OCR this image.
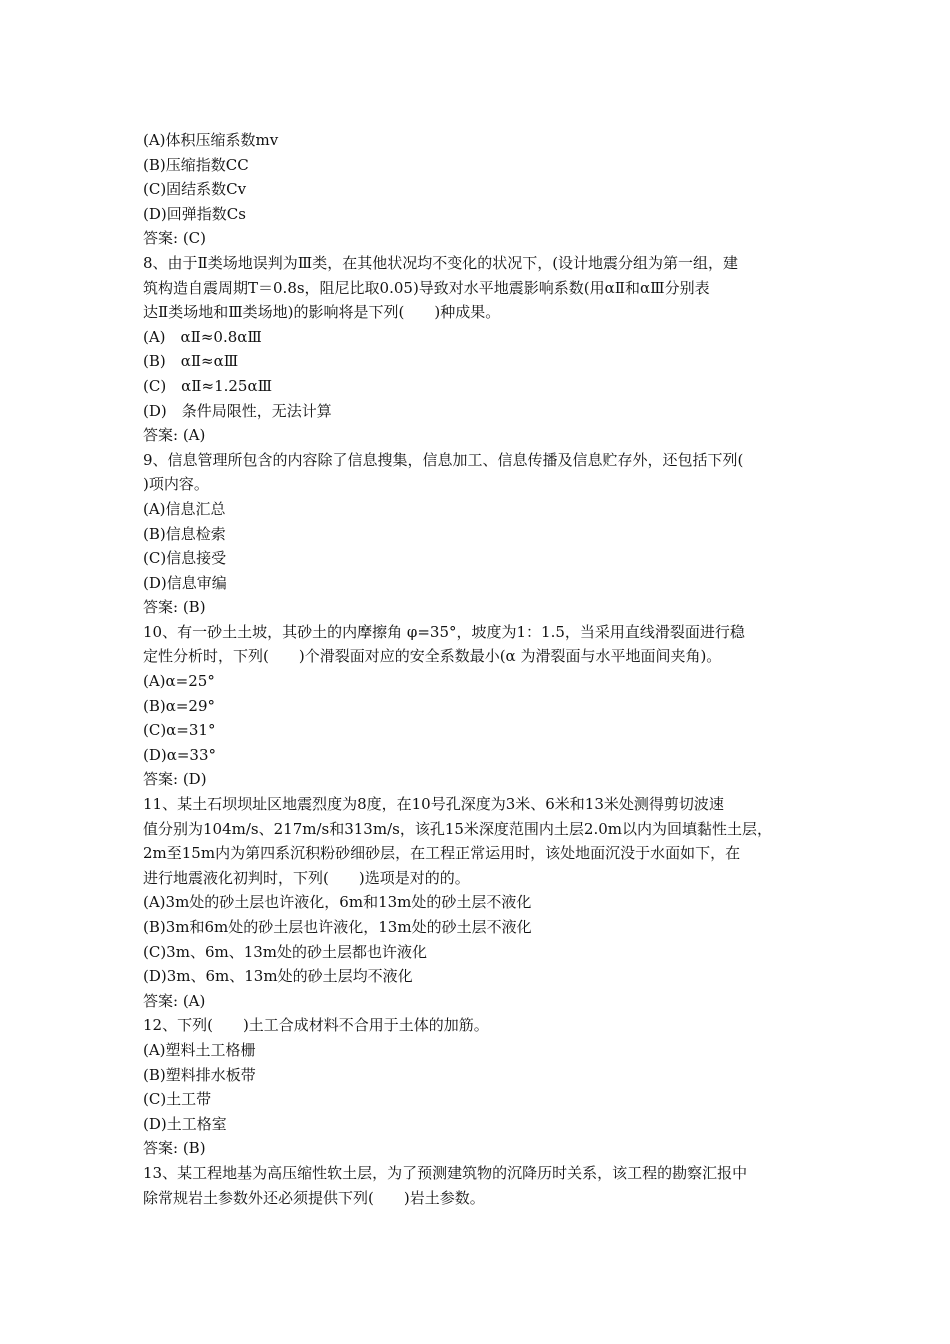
(A)体积压缩系数mv
(B)压缩指数CC
(C)固结系数Cv
(D)回弹指数Cs
答案: (C)
8、由于Ⅱ类场地误判为Ⅲ类，在其他状况均不变化的状况下，(设计地震分组为第一组，建
筑构造自震周期T＝0.8s，阻尼比取0.05)导致对水平地震影响系数(用αⅡ和αⅢ分别表
达Ⅱ类场地和Ⅲ类场地)的影响将是下列(　　)种成果。
(A)　αⅡ≈0.8αⅢ
(B)　αⅡ≈αⅢ
(C)　αⅡ≈1.25αⅢ
(D)　条件局限性，无法计算
答案: (A)
9、信息管理所包含的内容除了信息搜集，信息加工、信息传播及信息贮存外，还包括下列(
)项内容。
(A)信息汇总
(B)信息检索
(C)信息接受
(D)信息审编
答案: (B)
10、有一砂土土坡，其砂土的内摩擦角 φ=35°，坡度为1：1.5，当采用直线滑裂面进行稳
定性分析时，下列(　　)个滑裂面对应的安全系数最小(α 为滑裂面与水平地面间夹角)。
(A)α=25°
(B)α=29°
(C)α=31°
(D)α=33°
答案: (D)
11、某土石坝坝址区地震烈度为8度，在10号孔深度为3米、6米和13米处测得剪切波速
值分别为104m/s、217m/s和313m/s，该孔15米深度范围内土层2.0m以内为回填黏性土层，
2m至15m内为第四系沉积粉砂细砂层，在工程正常运用时，该处地面沉没于水面如下，在
进行地震液化初判时，下列(　　)选项是对的的。
(A)3m处的砂土层也许液化，6m和13m处的砂土层不液化
(B)3m和6m处的砂土层也许液化，13m处的砂土层不液化
(C)3m、6m、13m处的砂土层都也许液化
(D)3m、6m、13m处的砂土层均不液化
答案: (A)
12、下列(　　)土工合成材料不合用于土体的加筋。
(A)塑料土工格栅
(B)塑料排水板带
(C)土工带
(D)土工格室
答案: (B)
13、某工程地基为高压缩性软土层，为了预测建筑物的沉降历时关系，该工程的勘察汇报中
除常规岩土参数外还必须提供下列(　　)岩土参数。
